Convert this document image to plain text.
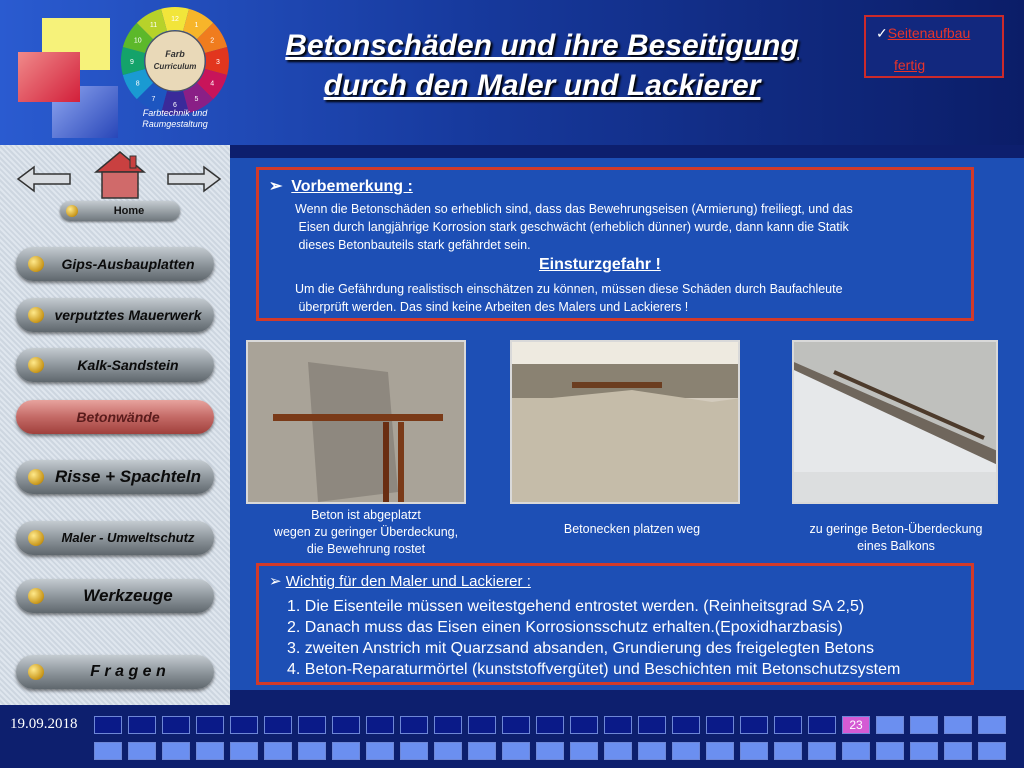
12
1
2
3
4
5
6
7
8
9
10
11
Farb
Curriculum
Farbtechnik und
Raumgestaltung
Betonschäden und ihre Beseitigung
durch den Maler und Lackierer
✓Seitenaufbau
fertig
Home
Gips-Ausbauplatten
verputztes Mauerwerk
Kalk-Sandstein
Betonwände
Risse + Spachteln
Maler - Umweltschutz
Werkzeuge
F r a g e n
➢ Vorbemerkung :

Wenn die Betonschäden so erheblich sind, dass das Bewehrungseisen (Armierung) freiliegt, und das
Eisen durch langjährige Korrosion stark geschwächt (erheblich dünner) wurde, dann kann die Statik
dieses Betonbauteils stark gefährdet sein.

Einsturzgefahr !

Um die Gefährdung realistisch einschätzen zu können, müssen diese Schäden durch Baufachleute
überprüft werden. Das sind keine Arbeiten des Malers und Lackierers !

Beton ist abgeplatzt
wegen zu geringer Überdeckung,
die Bewehrung rostet
Betonecken platzen weg	zu geringe Beton-Überdeckung
eines Balkons
➢ Wichtig für den Maler und Lackierer :
1. Die Eisenteile müssen weitestgehend entrostet werden. (Reinheitsgrad SA 2,5)
2. Danach muss das Eisen einen Korrosionsschutz erhalten.(Epoxidharzbasis)
3. zweiten Anstrich mit Quarzsand absanden, Grundierung des freigelegten Betons
4. Beton-Reparaturmörtel (kunststoffvergütet) und Beschichten mit Betonschutzsystem
19.09.2018	23
